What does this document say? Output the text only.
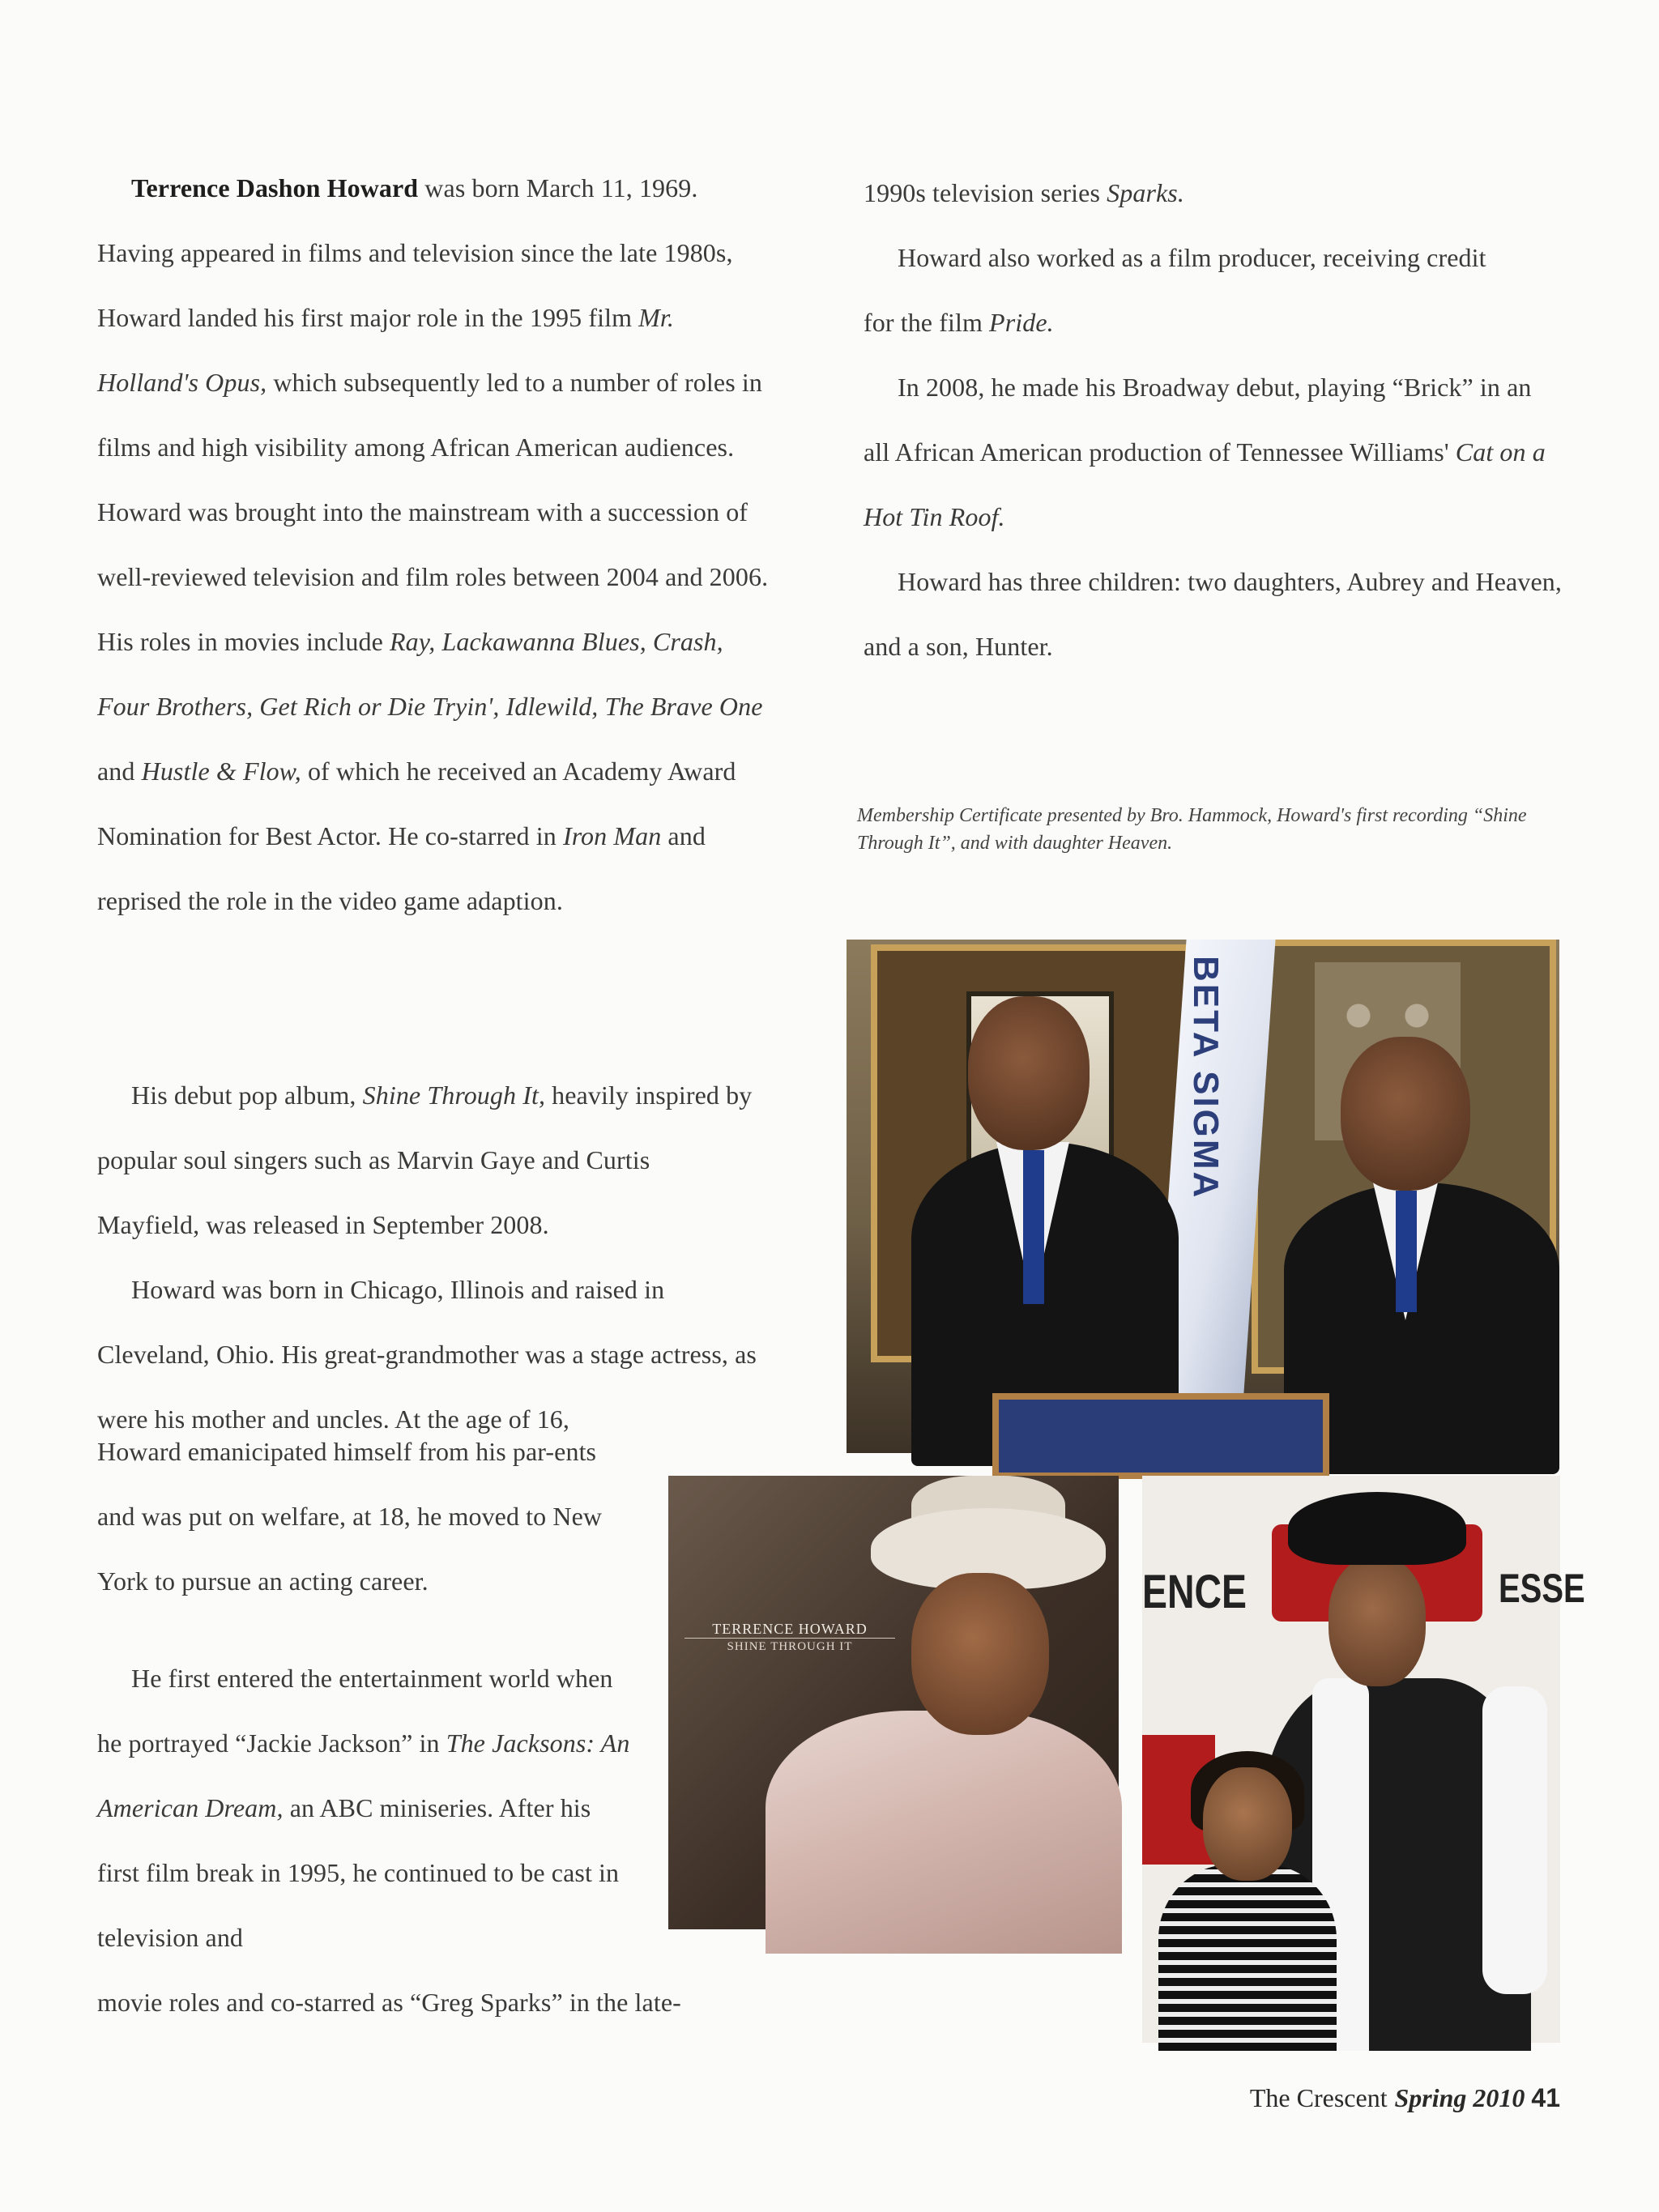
Terrence Dashon Howard was born March 11, 1969. Having appeared in films and television since the late 1980s, Howard landed his first major role in the 1995 film Mr. Holland's Opus, which subsequently led to a number of roles in films and high visibility among African American audiences. Howard was brought into the mainstream with a succession of well-reviewed television and film roles between 2004 and 2006. His roles in movies include Ray, Lackawanna Blues, Crash, Four Brothers, Get Rich or Die Tryin', Idlewild, The Brave One and Hustle & Flow, of which he received an Academy Award Nomination for Best Actor. He co-starred in Iron Man and reprised the role in the video game adaption.

His debut pop album, Shine Through It, heavily inspired by popular soul singers such as Marvin Gaye and Curtis Mayfield, was released in September 2008.

Howard was born in Chicago, Illinois and raised in Cleveland, Ohio. His great-grandmother was a stage actress, as were his mother and uncles. At the age of 16,

Howard emanicipated himself from his par-ents and was put on welfare, at 18, he moved to New York to pursue an acting career.

He first entered the entertainment world when he portrayed “Jackie Jackson” in The Jacksons: An American Dream, an ABC miniseries. After his first film break in 1995, he continued to be cast in television and

movie roles and co-starred as “Greg Sparks” in the late-

1990s television series Sparks.

Howard also worked as a film producer, receiving credit for the film Pride.

In 2008, he made his Broadway debut, playing “Brick” in an all African American production of Tennessee Williams' Cat on a Hot Tin Roof.

Howard has three children: two daughters, Aubrey and Heaven, and a son, Hunter.

Membership Certificate presented by Bro. Hammock, Howard's first recording “Shine Through It”, and with daughter Heaven.

BETA SIGMA

TERRENCE HOWARD

SHINE THROUGH IT

ENCE	ESSE

The Crescent Spring 2010 41
